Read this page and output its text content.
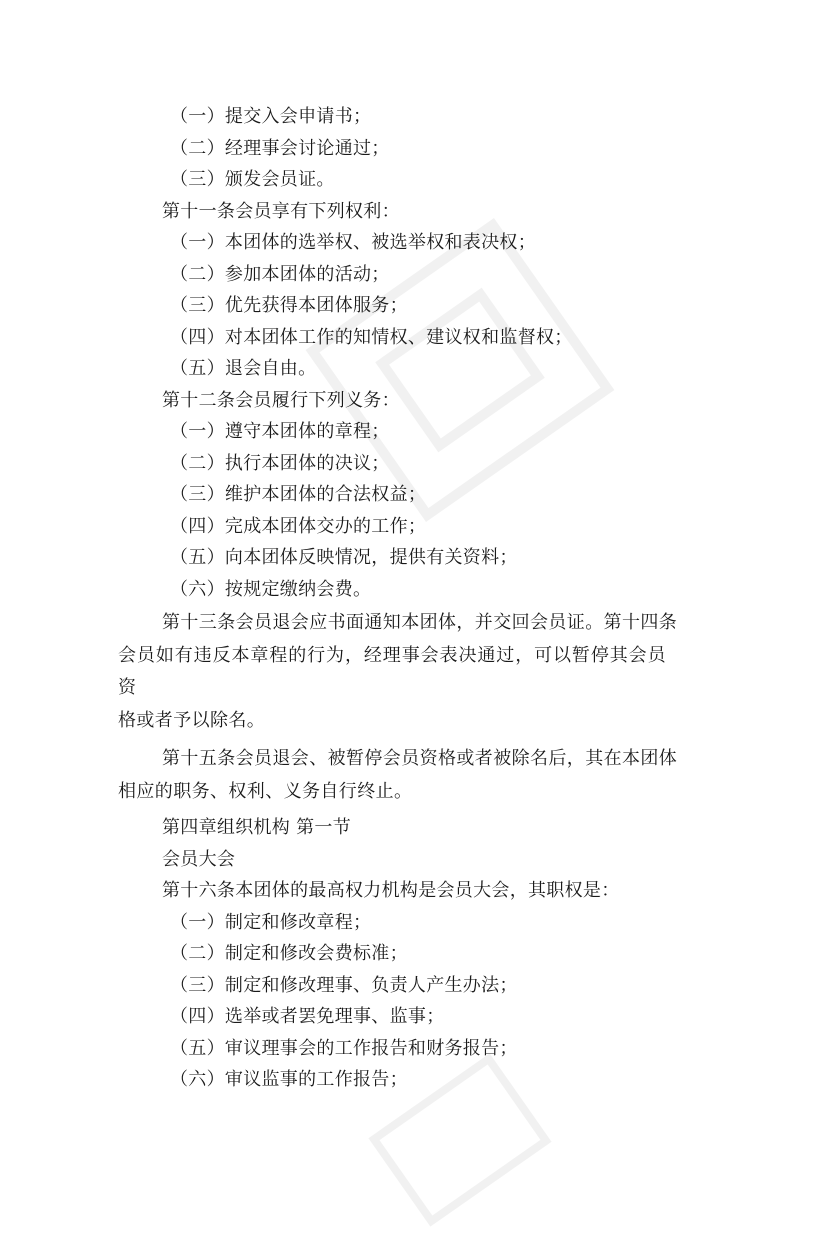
（一）提交入会申请书；
（二）经理事会讨论通过；
（三）颁发会员证。
第十一条会员享有下列权利：
（一）本团体的选举权、被选举权和表决权；
（二）参加本团体的活动；
（三）优先获得本团体服务；
（四）对本团体工作的知情权、建议权和监督权；
（五）退会自由。
第十二条会员履行下列义务：
（一）遵守本团体的章程；
（二）执行本团体的决议；
（三）维护本团体的合法权益；
（四）完成本团体交办的工作；
（五）向本团体反映情况，提供有关资料；
（六）按规定缴纳会费。
第十三条会员退会应书面通知本团体，并交回会员证。第十四条
会员如有违反本章程的行为，经理事会表决通过，可以暂停其会员资
格或者予以除名。
第十五条会员退会、被暂停会员资格或者被除名后，其在本团体
相应的职务、权利、义务自行终止。
第四章组织机构 第一节
会员大会
第十六条本团体的最高权力机构是会员大会，其职权是：
（一）制定和修改章程；
（二）制定和修改会费标准；
（三）制定和修改理事、负责人产生办法；
（四）选举或者罢免理事、监事；
（五）审议理事会的工作报告和财务报告；
（六）审议监事的工作报告；
